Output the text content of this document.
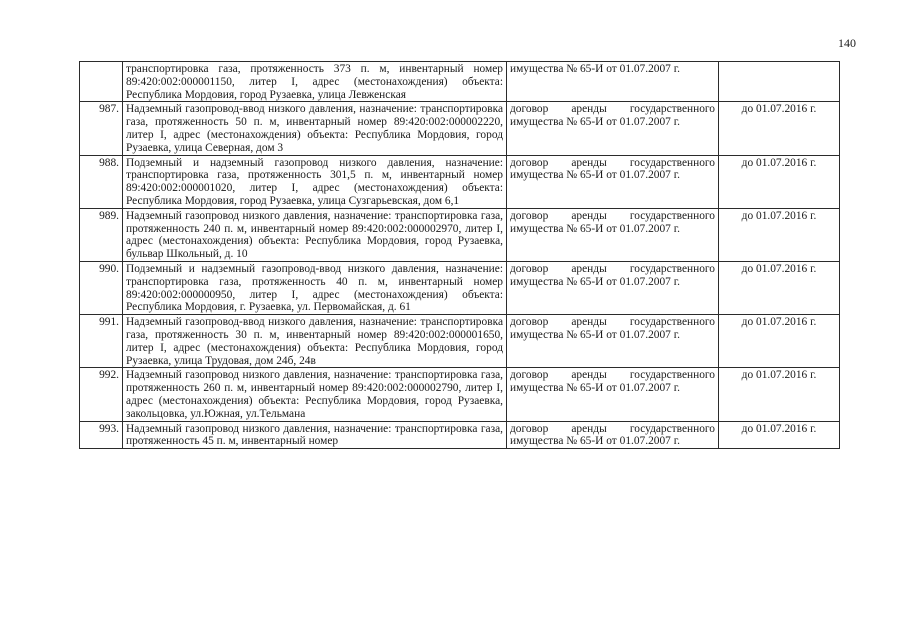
140
	транспортировка газа, протяженность 373 п. м, инвентарный номер 89:420:002:000001150, литер I, адрес (местонахождения) объекта: Республика Мордовия, город Рузаевка, улица Левженская	имущества № 65-И от 01.07.2007 г.	
987.	Надземный газопровод-ввод низкого давления, назначение: транспортировка газа, протяженность 50 п. м, инвентарный номер 89:420:002:000002220, литер I, адрес (местонахождения) объекта: Республика Мордовия, город Рузаевка, улица Северная, дом 3	договор аренды государственного имущества № 65-И от 01.07.2007 г.	до 01.07.2016 г.
988.	Подземный и надземный газопровод низкого давления, назначение: транспортировка газа, протяженность 301,5 п. м, инвентарный номер 89:420:002:000001020, литер I, адрес (местонахождения) объекта: Республика Мордовия, город Рузаевка, улица Сузгарьевская, дом 6,1	договор аренды государственного имущества № 65-И от 01.07.2007 г.	до 01.07.2016 г.
989.	Надземный газопровод низкого давления, назначение: транспортировка газа, протяженность 240 п. м, инвентарный номер 89:420:002:000002970, литер I, адрес (местонахождения) объекта: Республика Мордовия, город Рузаевка, бульвар Школьный, д. 10	договор аренды государственного имущества № 65-И от 01.07.2007 г.	до 01.07.2016 г.
990.	Подземный и надземный газопровод-ввод низкого давления, назначение: транспортировка газа, протяженность 40 п. м, инвентарный номер 89:420:002:000000950, литер I, адрес (местонахождения) объекта: Республика Мордовия, г. Рузаевка, ул. Первомайская, д. 61	договор аренды государственного имущества № 65-И от 01.07.2007 г.	до 01.07.2016 г.
991.	Надземный газопровод-ввод низкого давления, назначение: транспортировка газа, протяженность 30 п. м, инвентарный номер 89:420:002:000001650, литер I, адрес (местонахождения) объекта: Республика Мордовия, город Рузаевка, улица Трудовая, дом 24б, 24в	договор аренды государственного имущества № 65-И от 01.07.2007 г.	до 01.07.2016 г.
992.	Надземный газопровод низкого давления, назначение: транспортировка газа, протяженность 260 п. м, инвентарный номер 89:420:002:000002790, литер I, адрес (местонахождения) объекта: Республика Мордовия, город Рузаевка, закольцовка, ул.Южная, ул.Тельмана	договор аренды государственного имущества № 65-И от 01.07.2007 г.	до 01.07.2016 г.
993.	Надземный газопровод низкого давления, назначение: транспортировка газа, протяженность 45 п. м, инвентарный номер	договор аренды государственного имущества № 65-И от 01.07.2007 г.	до 01.07.2016 г.
